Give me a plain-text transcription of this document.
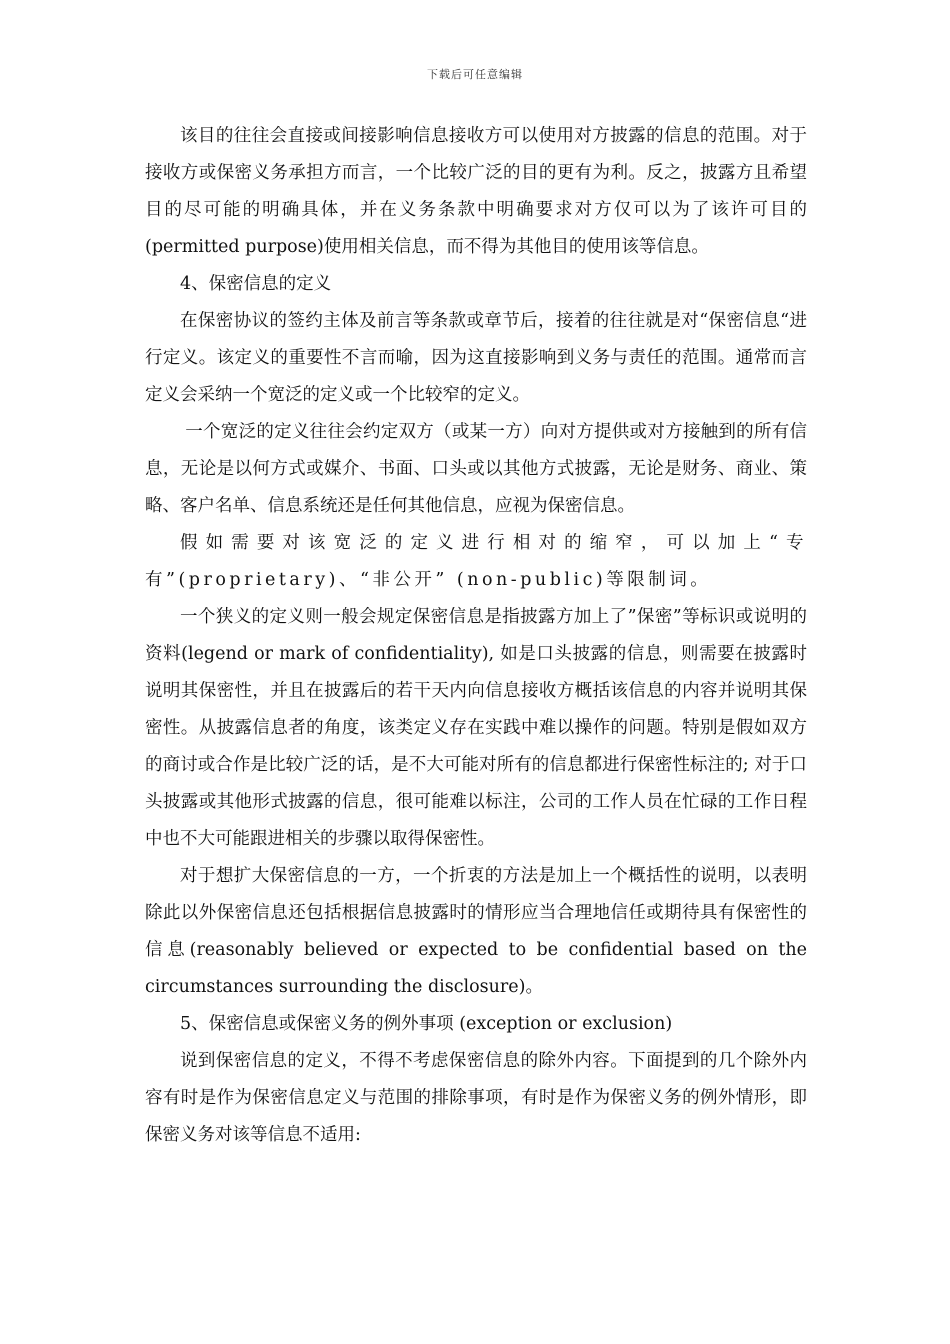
下载后可任意编辑

该目的往往会直接或间接影响信息接收方可以使用对方披露的信息的范围。对于接收方或保密义务承担方而言，一个比较广泛的目的更有为利。反之，披露方且希望目的尽可能的明确具体，并在义务条款中明确要求对方仅可以为了该许可目的(permitted purpose)使用相关信息，而不得为其他目的使用该等信息。

4、保密信息的定义

在保密协议的签约主体及前言等条款或章节后，接着的往往就是对“保密信息“进行定义。该定义的重要性不言而喻，因为这直接影响到义务与责任的范围。通常而言定义会采纳一个宽泛的定义或一个比较窄的定义。

一个宽泛的定义往往会约定双方（或某一方）向对方提供或对方接触到的所有信息，无论是以何方式或媒介、书面、口头或以其他方式披露，无论是财务、商业、策略、客户名单、信息系统还是任何其他信息，应视为保密信息。

假如需要对该宽泛的定义进行相对的缩窄，可以加上“专有”(proprietary)、“非公开” (non-public)等限制词。

一个狭义的定义则一般会规定保密信息是指披露方加上了”保密”等标识或说明的资料(legend or mark of confidentiality), 如是口头披露的信息，则需要在披露时说明其保密性，并且在披露后的若干天内向信息接收方概括该信息的内容并说明其保密性。从披露信息者的角度，该类定义存在实践中难以操作的问题。特别是假如双方的商讨或合作是比较广泛的话，是不大可能对所有的信息都进行保密性标注的; 对于口头披露或其他形式披露的信息，很可能难以标注，公司的工作人员在忙碌的工作日程中也不大可能跟进相关的步骤以取得保密性。

对于想扩大保密信息的一方，一个折衷的方法是加上一个概括性的说明，以表明除此以外保密信息还包括根据信息披露时的情形应当合理地信任或期待具有保密性的信息(reasonably believed or expected to be confidential based on the circumstances surrounding the disclosure)。

5、保密信息或保密义务的例外事项 (exception or exclusion)

说到保密信息的定义，不得不考虑保密信息的除外内容。下面提到的几个除外内容有时是作为保密信息定义与范围的排除事项，有时是作为保密义务的例外情形，即保密义务对该等信息不适用:
